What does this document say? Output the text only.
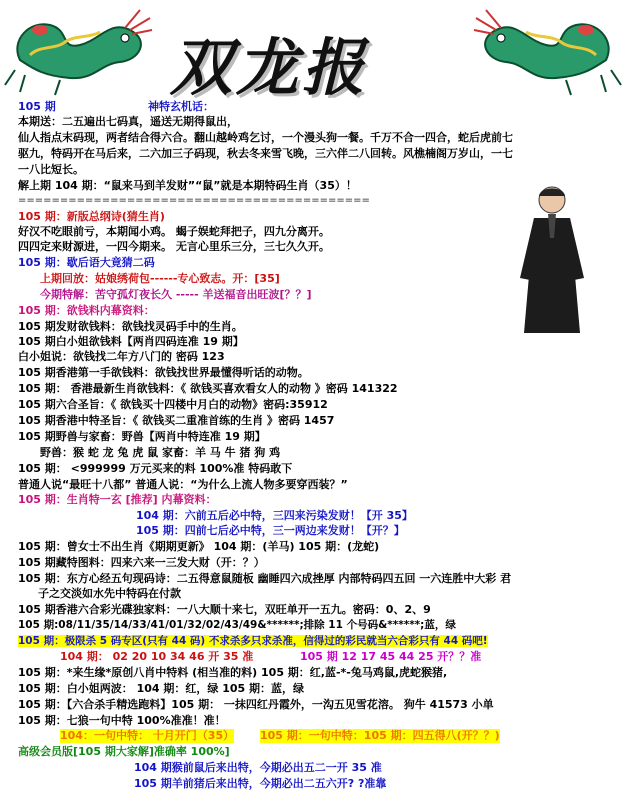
双龙报
105 期	神特玄机话：
本期送：二五遍出七码真，遥送无期得鼠出，
仙人指点末码现，两者结合得六合。翻山越岭鸡乞讨，一个漫头狗一餐。千万不合一四合，蛇后虎前七
驱九，特码开在马后来，二六加三子码现，秋去冬来雪飞晚，三六伴二八回转。风樵楠阁万岁山，一七
一八比短长。
解上期 104 期：“鼠来马到羊发财”“鼠”就是本期特码生肖（35）！
==========================================
105 期：新版总纲诗(猜生肖)
好汉不吃眼前亏，本期闻小鸡。 蝎子娱蛇拜把子，四九分离开。
四四定来财源进，一四今期来。 无言心里乐三分，三七久久开。
105 期：歇后语大竟猜二码
上期回放：姑娘绣荷包------专心致志。开：[35]
今期特解：苦守孤灯夜长久 ----- 羊送福音出旺波[？？]
105 期：欲钱料内幕资料：
105 期发财欲钱料：欲钱找灵码手中的生肖。
105 期白小姐欲钱料【两肖四码连准 19 期】
白小姐说：欲钱找二年方八门的 密码 123
105 期香港第一手欲钱料：欲钱找世界最懂得听话的动物。
105 期： 香港最新生肖欲钱料：《 欲钱买喜欢看女人的动物 》密码 141322
105 期六合圣旨：《 欲钱买十四楼中月白的动物》密码:35912
105 期香港中特圣旨：《 欲钱买二重准首练的生肖 》密码 1457
105 期野兽与家畜：野兽【两肖中特连准 19 期】
野兽：猴 蛇 龙 兔 虎 鼠 家畜：羊 马 牛 猪 狗 鸡
105 期： <999999 万元买来的料 100%准 特码敢下
普通人说“最旺十八都” 普通人说：“为什么上流人物多要穿西装？”
105 期：生肖特一玄 [推荐] 内幕资料：
104 期：六前五后必中特，三四来污染发财！【开 35】
105 期：四前七后必中特，三一两边来发财！【开？】
105 期：曾女士不出生肖《期期更新》 104 期：(羊马) 105 期：(龙蛇)
105 期藏特图料：四来六来一三发大财（开：？）
105 期：东方心经五句现码诗：二五得意鼠随板 幽睡四六成挫厚 内部特码四五回 一六连胜中大彩 君
子之交淡如水先中特码在付款
105 期香港六合彩光碟独家料：一八大顺十来七，双旺单开一五九。密码：0、2、9
105 期:08/11/35/14/33/41/01/32/02/43/49&******;排除 11 个号码&******;蓝，绿
105 期：极限杀 5 码专区(只有 44 码) 不求杀多只求杀准，信得过的彩民就当六合彩只有 44 码吧!
104 期： 02 20 10 34 46 开 35 准	105 期 12 17 45 44 25 开？？准
105 期：*来生缘*原创八肖中特料 (相当准的料) 105 期：红,蓝-*-兔马鸡鼠,虎蛇猴猪,
105 期：白小姐两波： 104 期：红，绿 105 期：蓝，绿
105 期：【六合杀手精选跑料】105 期： 一抹四红丹霞外，一沟五见雪花溶。 狗牛 41573 小单
105 期：七狼一句中特 100%准准！准！
104：一句中特： 十月开门（35） 105 期：一句中特：105 期：四五得八(开？？)
高级会员版[105 期大家解]准确率 100%]
104 期猴前鼠后来出特，今期必出五二一开 35 准
105 期羊前猪后来出特，今期必出二五六开? ?准靠
